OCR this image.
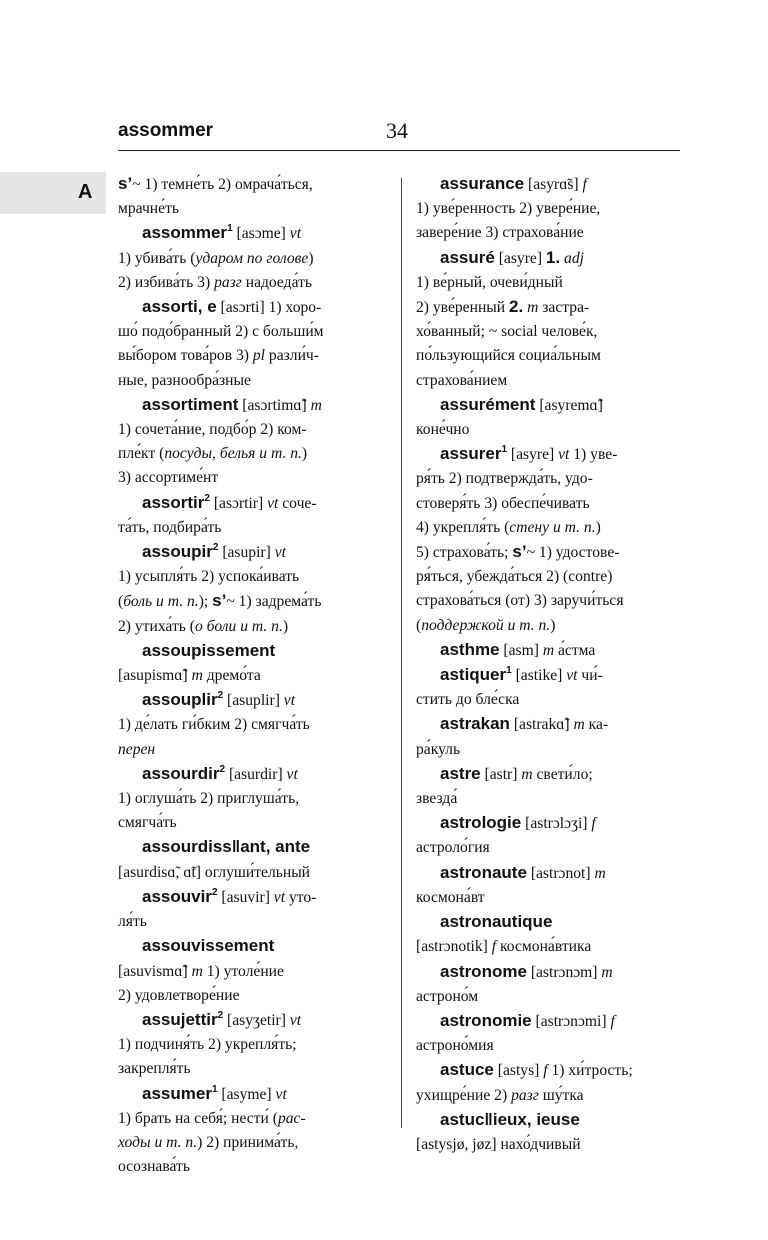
assommer	34
A s’~ 1) темне́ть 2) омрача́ться,
мрачне́ть
assommer$^1$ [asɔme] vt
1) убива́ть (ударом по голове)
2) избива́ть 3) разг надоеда́ть
assorti, e [asɔrti] 1) хоро-
шо́ подо́бранный 2) с больши́м
вы́бором това́ров 3) pl разли́ч-
ные, разнообра́зные
assortiment [asɔrtimɑ̃] m
1) сочета́ние, подбо́р 2) ком-
пле́кт (посуды, белья и т. п.)
3) ассортиме́нт
assortir$^2$ [asɔrtir] vt сочe-
та́ть, подбира́ть
assoupir$^2$ [asupir] vt
1) усыпля́ть 2) успока́ивать
(боль и т. п.); s’~ 1) задрема́ть
2) утиха́ть (о боли и т. п.)
assoupissement
[asupismɑ̃] m дремо́та
assouplir$^2$ [asuplir] vt
1) де́лать ги́бким 2) смягча́ть
перен
assourdir$^2$ [asurdir] vt
1) оглуша́ть 2) приглуша́ть,
смягча́ть
assourdiss‖ant, ante
[asurdisɑ̃, ɑ̃t] оглуши́тельный
assouvir$^2$ [asuvir] vt уто-
ля́ть
assouvissement
[asuvismɑ̃] m 1) утоле́ние
2) удовлетворе́ние
assujettir$^2$ [asyʒetir] vt
1) подчиня́ть 2) укрепля́ть;
закрепля́ть
assumer$^1$ [asyme] vt
1) брать на себя́; нести́ (рас-
ходы и т. п.) 2) принима́ть,
осознава́ть
assurance [asyrɑ̃s] f
1) уве́ренность 2) увере́ние,
завере́ние 3) страхова́ние
assuré [asyre] 1. adj
1) ве́рный, очеви́дный
2) уве́ренный 2. m застра-
хо́ванный; ~ social челове́к,
по́льзующийся социа́льным
страхова́нием
assurément [asyremɑ̃]
коне́чно
assurer$^1$ [asyre] vt 1) уве-
ря́ть 2) подтвержда́ть, удо-
стоверя́ть 3) обеспе́чивать
4) укрепля́ть (стену и т. п.)
5) страхова́ть; s’~ 1) удостове-
ря́ться, убежда́ться 2) (contre)
страхова́ться (от) 3) заручи́ться
(поддержкой и т. п.)
asthme [asm] m а́стма
astiquer$^1$ [astike] vt чи́-
стить до бле́ска
astrakan [astrakɑ̃] m ка-
ра́куль
astre [astr] m свети́ло;
звезда́
astrologie [astrɔlɔʒi] f
астроло́гия
astronaute [astrɔnot] m
космона́вт
astronautique
[astrɔnotik] f космона́втика
astronome [astrɔnɔm] m
астроно́м
astronomie [astrɔnɔmi] f
астроно́мия
astuce [astys] f 1) хи́трость;
ухищре́ние 2) разг шу́тка
astuc‖ieux, ieuse
[astysjø, jøz] нахо́дчивый
